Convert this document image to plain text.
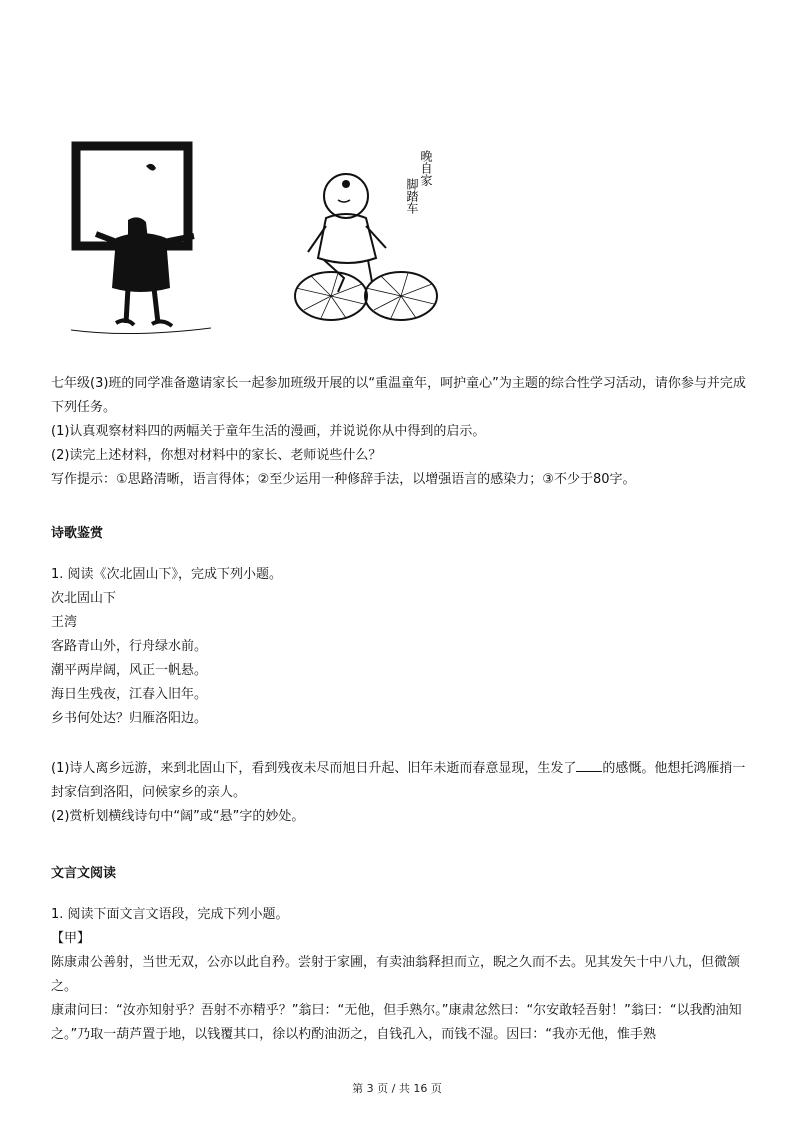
晚自家
脚踏车

七年级(3)班的同学准备邀请家长一起参加班级开展的以“重温童年，呵护童心”为主题的综合性学习活动，请你参与并完成下列任务。

(1)认真观察材料四的两幅关于童年生活的漫画，并说说你从中得到的启示。

(2)读完上述材料，你想对材料中的家长、老师说些什么？

写作提示：①思路清晰，语言得体；②至少运用一种修辞手法，以增强语言的感染力；③不少于80字。

诗歌鉴赏

1. 阅读《次北固山下》，完成下列小题。

次北固山下

王湾

客路青山外，行舟绿水前。

潮平两岸阔，风正一帆悬。

海日生残夜，江春入旧年。

乡书何处达？归雁洛阳边。

(1)诗人离乡远游，来到北固山下，看到残夜未尽而旭日升起、旧年未逝而春意显现，生发了 的感慨。他想托鸿雁捎一封家信到洛阳，问候家乡的亲人。

(2)赏析划横线诗句中“阔”或“悬”字的妙处。

文言文阅读

1. 阅读下面文言文语段，完成下列小题。

【甲】

陈康肃公善射，当世无双，公亦以此自矜。尝射于家圃，有卖油翁释担而立，睨之久而不去。见其发矢十中八九，但微颔之。

康肃问曰：“汝亦知射乎？吾射不亦精乎？”翁曰：“无他，但手熟尔。”康肃忿然曰：“尔安敢轻吾射！”翁曰：“以我酌油知之。”乃取一葫芦置于地，以钱覆其口，徐以杓酌油沥之，自钱孔入，而钱不湿。因曰：“我亦无他，惟手熟

第 3 页 / 共 16 页
